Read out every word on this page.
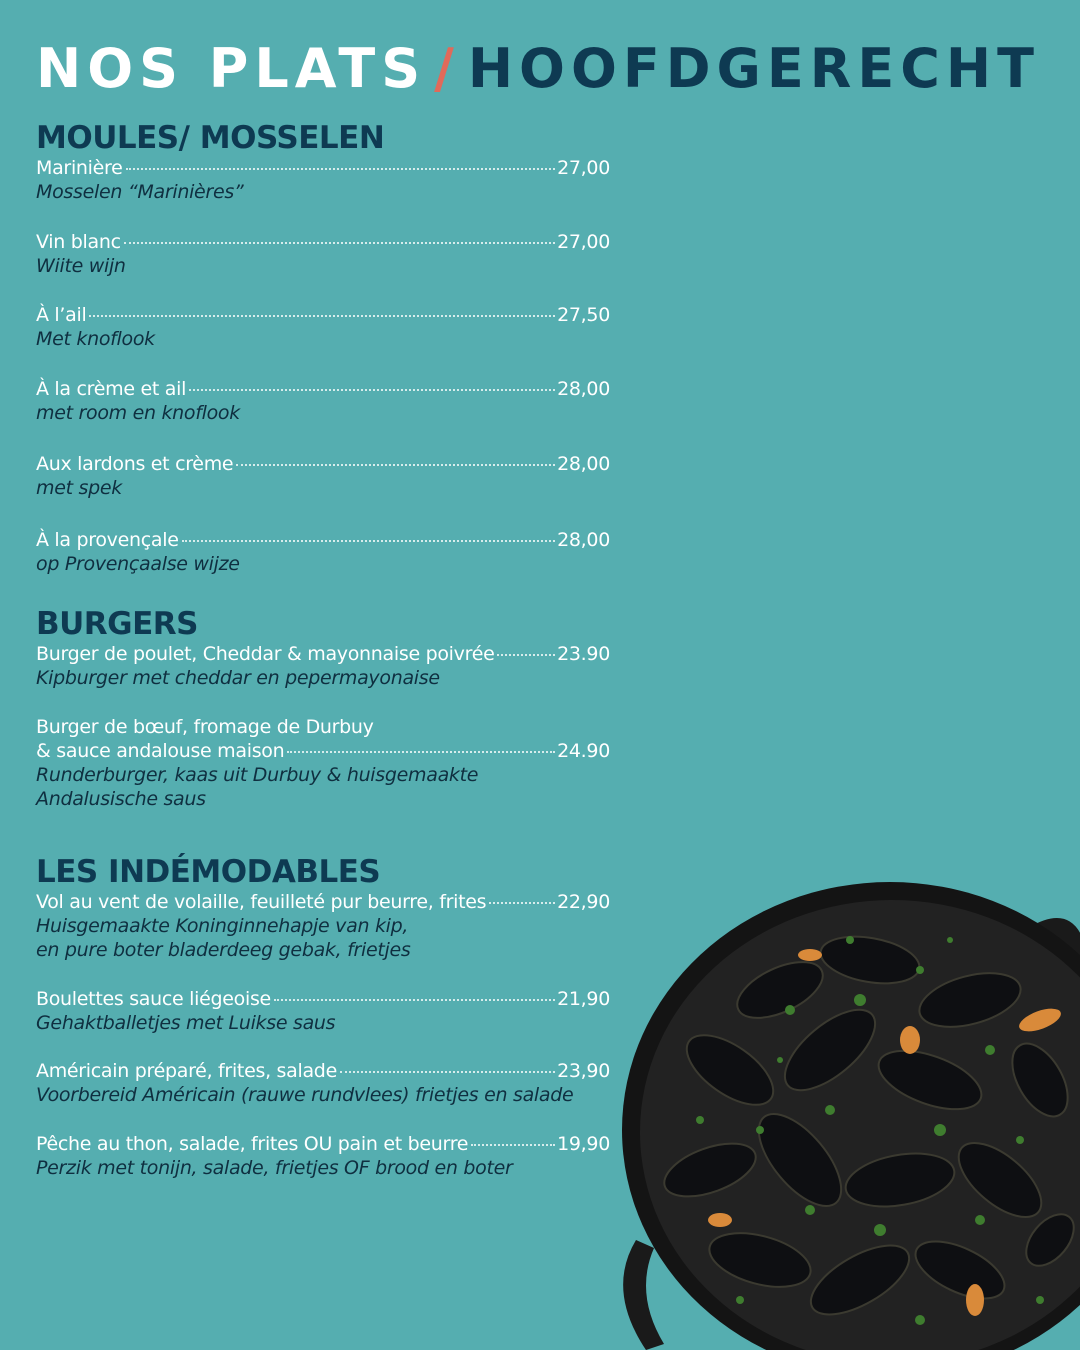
NOS PLATS / HOOFDGERECHT
MOULES/ MOSSELEN
Marinière	27,00
Mosselen “Marinières”
Vin blanc	27,00
Wiite wijn
À l’ail	27,50
Met knoflook
À la crème et ail	28,00
met room en knoflook
Aux lardons et crème	28,00
met spek
À la provençale	28,00
op Provençaalse wijze
BURGERS
Burger de poulet, Cheddar & mayonnaise poivrée	23.90
Kipburger met cheddar en pepermayonaise
Burger de bœuf, fromage de Durbuy
& sauce andalouse maison	24.90
Runderburger, kaas uit Durbuy & huisgemaakte
Andalusische saus
LES INDÉMODABLES
Vol au vent de volaille, feuilleté pur beurre, frites	22,90
Huisgemaakte Koninginnehapje van kip,
en pure boter bladerdeeg gebak, frietjes
Boulettes sauce liégeoise	21,90
Gehaktballetjes met Luikse saus
Américain préparé, frites, salade	23,90
Voorbereid Américain (rauwe rundvlees) frietjes en salade
Pêche au thon, salade, frites OU pain et beurre	19,90
Perzik met tonijn, salade, frietjes OF brood en boter
